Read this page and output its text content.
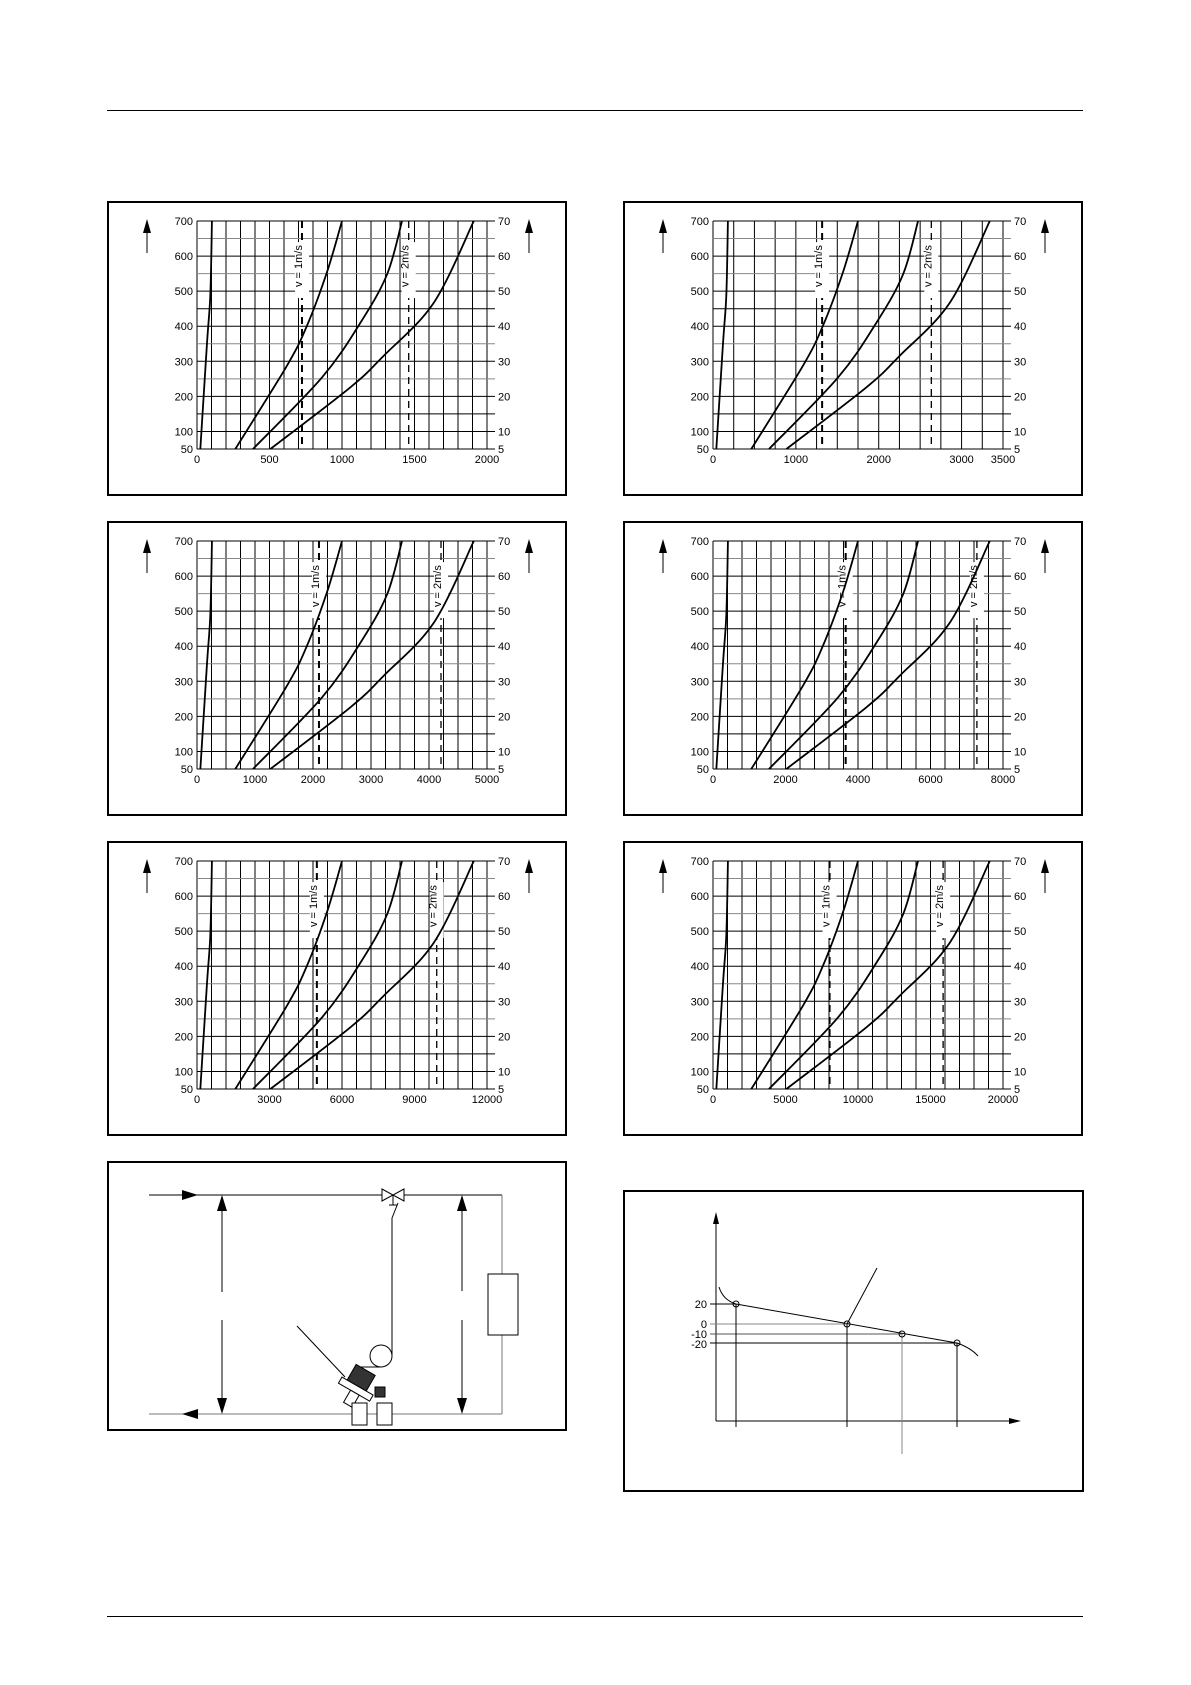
50
100
200
300
400
500
600
700
5
10
20
30
40
50
60
70
0	500	1000	1500	2000
v = 1m/s	v = 2m/s
50
100
200
300
400
500
600
700
5
10
20
30
40
50
60
70
0	1000	2000	3000 3500
v = 1m/s	v = 2m/s
50
100
200
300
400
500
600
700
5
10
20
30
40
50
60
70
0	1000	2000	3000	4000	5000
v = 1m/s	v = 2m/s
50
100
200
300
400
500
600
700
5
10
20
30
40
50
60
70
0	2000	4000	6000	8000
v = 1m/s	v = 2m/s
50
100
200
300
400
500
600
700
5
10
20
30
40
50
60
70
0	3000	6000	9000	12000
v = 1m/s	v = 2m/s
50
100
200
300
400
500
600
700
5
10
20
30
40
50
60
70
0	5000	10000	15000	20000
v = 1m/s	v = 2m/s
20
0
-10
-20
